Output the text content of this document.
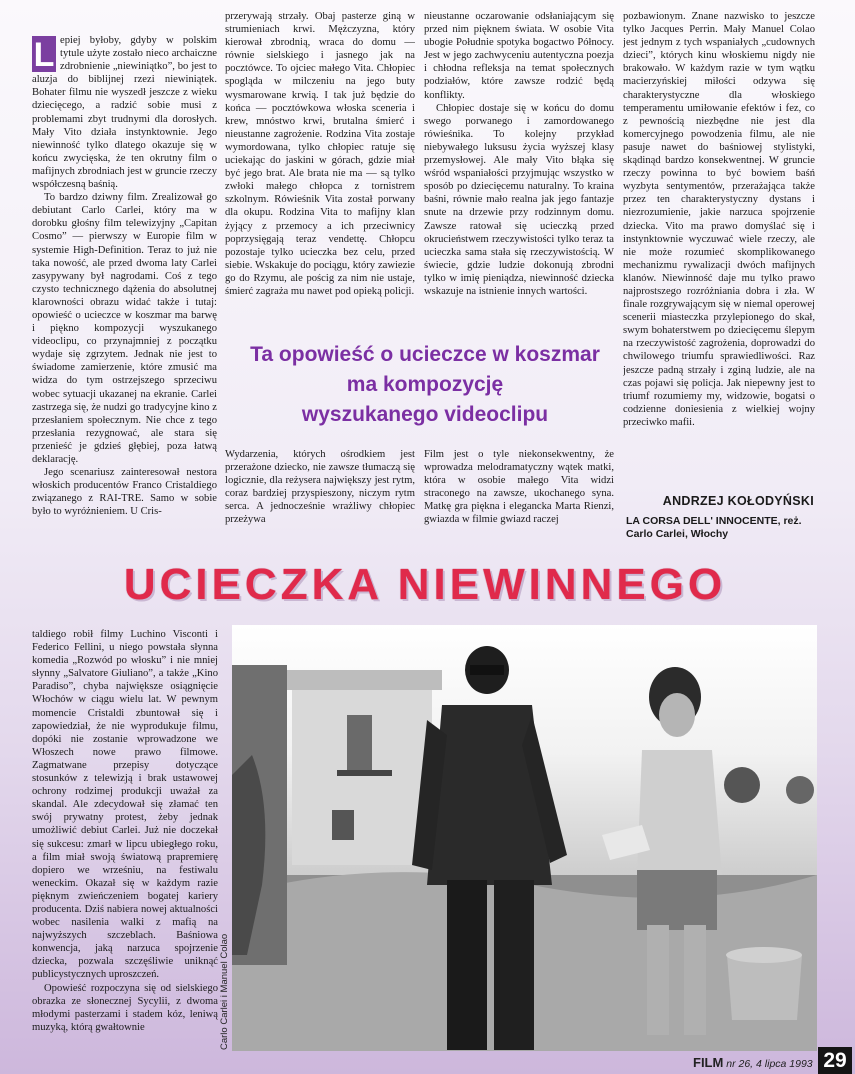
L epiej byłoby, gdyby w polskim tytule użyte zostało nieco archaiczne zdrobnienie „niewiniątko”, bo jest to aluzja do biblijnej rzezi niewiniątek. Bohater filmu nie wyszedł jeszcze z wieku dziecięcego, a radzić sobie musi z problemami zbyt trudnymi dla dorosłych. Mały Vito działa instynktownie. Jego niewinność tylko dlatego okazuje się w końcu zwycięska, że ten okrutny film o mafijnych zbrodniach jest w gruncie rzeczy współczesną baśnią.

To bardzo dziwny film. Zrealizował go debiutant Carlo Carlei, który ma w dorobku głośny film telewizyjny „Capitan Cosmo” — pierwszy w Europie film w systemie High-Definition. Teraz to już nie taka nowość, ale przed dwoma laty Carlei zasypywany był nagrodami. Coś z tego czysto technicznego dążenia do absolutnej klarowności obrazu widać także i tutaj: opowieść o ucieczce w koszmar ma barwę i piękno kompozycji wyszukanego videoclipu, co przynajmniej z początku wydaje się zgrzytem. Jednak nie jest to świadome zamierzenie, które zmusić ma widza do tym ostrzejszego sprzeciwu wobec sytuacji ukazanej na ekranie. Carlei zastrzega się, że nudzi go tradycyjne kino z przesłaniem społecznym. Nie chce z tego przesłania rezygnować, ale stara się przenieść je gdzieś głębiej, poza łatwą deklarację.

Jego scenariusz zainteresował nestora włoskich producentów Franco Cristaldiego związanego z RAI-TRE. Samo w sobie było to wyróżnieniem. U Cris-

przerywają strzały. Obaj pasterze giną w strumieniach krwi. Mężczyzna, który kierował zbrodnią, wraca do domu — równie sielskiego i jasnego jak na pocztówce. To ojciec małego Vita. Chłopiec spogląda w milczeniu na jego buty wysmarowane krwią. I tak już będzie do końca — pocztówkowa włoska sceneria i krew, mnóstwo krwi, brutalna śmierć i nieustanne zagrożenie. Rodzina Vita zostaje wymordowana, tylko chłopiec ratuje się uciekając do jaskini w górach, gdzie miał być jego brat. Ale brata nie ma — są tylko zwłoki małego chłopca z tornistrem szkolnym. Rówieśnik Vita został porwany dla okupu. Rodzina Vita to mafijny klan żyjący z przemocy a ich przeciwnicy poprzysięgają teraz vendettę. Chłopcu pozostaje tylko ucieczka bez celu, przed siebie. Wskakuje do pociągu, który zawiezie go do Rzymu, ale pościg za nim nie ustaje, śmierć zagraża mu nawet pod opieką policji.

nieustanne oczarowanie odsłaniającym się przed nim pięknem świata. W osobie Vita ubogie Południe spotyka bogactwo Północy. Jest w jego zachwyceniu autentyczna poezja i chłodna refleksja na temat społecznych podziałów, które zawsze rodzić będą konflikty.

Chłopiec dostaje się w końcu do domu swego porwanego i zamordowanego rówieśnika. To kolejny przykład niebywałego luksusu życia wyższej klasy przemysłowej. Ale mały Vito błąka się wśród wspaniałości przyjmując wszystko w sposób po dziecięcemu naturalny. To kraina baśni, równie mało realna jak jego fantazje snute na drzewie przy rodzinnym domu. Zawsze ratował się ucieczką przed okrucieństwem rzeczywistości tylko teraz ta ucieczka sama stała się rzeczywistością. W świecie, gdzie ludzie dokonują zbrodni tylko w imię pieniądza, niewinność dziecka wskazuje na istnienie innych wartości.

pozbawionym. Znane nazwisko to jeszcze tylko Jacques Perrin. Mały Manuel Colao jest jednym z tych wspaniałych „cudownych dzieci”, których kinu włoskiemu nigdy nie brakowało. W każdym razie w tym wątku macierzyńskiej miłości odzywa się charakterystyczne dla włoskiego temperamentu umiłowanie efektów i fez, co z pewnością niezbędne nie jest dla komercyjnego powodzenia filmu, ale nie pasuje nawet do baśniowej stylistyki, skądinąd bardzo konsekwentnej. W gruncie rzeczy powinna to być bowiem baśń wyzbyta sentymentów, przerażająca także przez ten charakterystyczny dystans i niezrozumienie, jakie narzuca spojrzenie dziecka. Vito ma prawo domyślać się i instynktownie wyczuwać wiele rzeczy, ale nie może rozumieć skomplikowanego mechanizmu rywalizacji dwóch mafijnych klanów. Niewinność daje mu tylko prawo najprostszego rozróżniania dobra i zła. W finale rozgrywającym się w niemal operowej scenerii miasteczka przylepionego do skał, swym bohaterstwem po dziecięcemu ślepym na rzeczywistość zagrożenia, doprowadzi do chwilowego triumfu sprawiedliwości. Raz jeszcze padną strzały i zginą ludzie, ale na czas pojawi się policja. Jak niepewny jest to triumf rozumiemy my, widzowie, bogatsi o codzienne doniesienia z wielkiej wojny przeciwko mafii.

Ta opowieść o ucieczce w koszmar
ma kompozycję
wyszukanego videoclipu

Wydarzenia, których ośrodkiem jest przerażone dziecko, nie zawsze tłumaczą się logicznie, dla reżysera największy jest rytm, coraz bardziej przyspieszony, niczym rytm serca. A jednocześnie wrażliwy chłopiec przeżywa

Film jest o tyle niekonsekwentny, że wprowadza melodramatyczny wątek matki, która w osobie małego Vita widzi straconego na zawsze, ukochanego syna. Matkę gra piękna i elegancka Marta Rienzi, gwiazda w filmie gwiazd raczej

ANDRZEJ KOŁODYŃSKI
LA CORSA DELL' INNOCENTE, reż.
Carlo Carlei, Włochy
UCIECZKA NIEWINNEGO

taldiego robił filmy Luchino Visconti i Federico Fellini, u niego powstała słynna komedia „Rozwód po włosku” i nie mniej słynny „Salvatore Giuliano”, a także „Kino Paradiso”, chyba największe osiągnięcie Włochów w ciągu wielu lat. W pewnym momencie Cristaldi zbuntował się i zapowiedział, że nie wyprodukuje filmu, dopóki nie zostanie wprowadzone we Włoszech nowe prawo filmowe. Zagmatwane przepisy dotyczące stosunków z telewizją i brak ustawowej ochrony rodzimej produkcji uważał za skandal. Ale zdecydował się złamać ten swój prywatny protest, żeby jednak umożliwić debiut Carlei. Już nie doczekał się sukcesu: zmarł w lipcu ubiegłego roku, a film miał swoją światową prapremierę dopiero we wrześniu, na festiwalu weneckim. Okazał się w każdym razie pięknym zwieńczeniem bogatej kariery producenta. Dziś nabiera nowej aktualności wobec nasilenia walki z mafią na najwyższych szczeblach. Baśniowa konwencja, jaką narzuca spojrzenie dziecka, pozwala szczęśliwie uniknąć publicystycznych uproszczeń.

Opowieść rozpoczyna się od sielskiego obrazka ze słonecznej Sycylii, z dwoma młodymi pasterzami i stadem kóz, leniwą muzyką, którą gwałtownie	Carlo Carlei i Manuel Colao
FILM nr 26, 4 lipca 1993 29
